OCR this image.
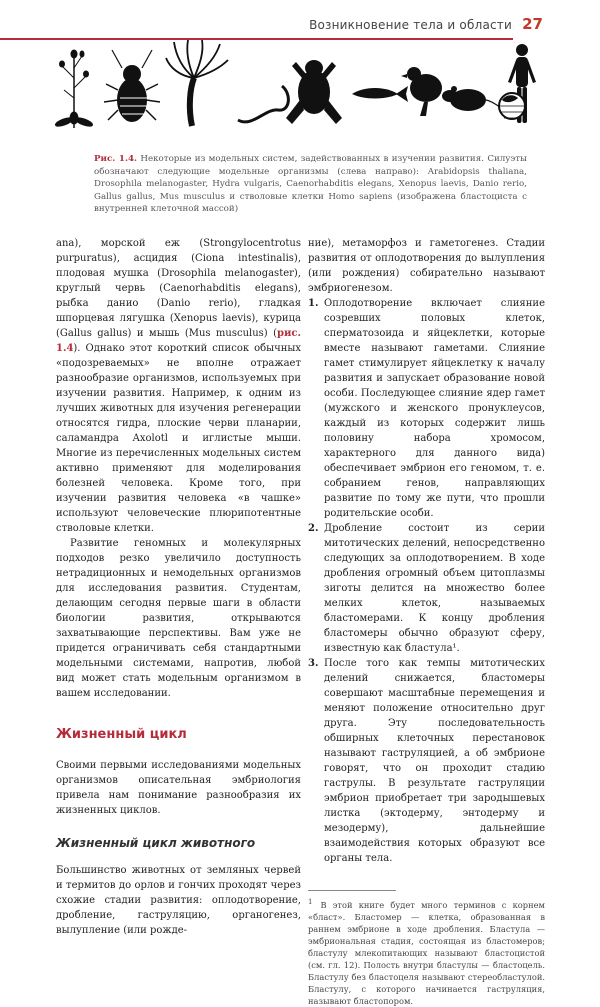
Возникновение тела и области 27
Рис. 1.4. Некоторые из модельных систем, задействованных в изучении развития. Силуэты обозначают следующие модельные организмы (слева направо): Arabidopsis thaliana, Drosophila melanogaster, Hydra vulgaris, Caenorhabditis elegans, Xenopus laevis, Danio rerio, Gallus gallus, Mus musculus и стволовые клетки Homo sapiens (изображена бластоциста с внутренней клеточной массой)

ana), морской еж (Strongylocentrotus purpuratus), асцидия (Ciona intestinalis), плодовая мушка (Drosophila melanogaster), круглый червь (Caenorhabditis elegans), рыбка данио (Danio rerio), гладкая шпорцевая лягушка (Xenopus laevis), курица (Gallus gallus) и мышь (Mus musculus) (рис. 1.4). Однако этот короткий список обычных «подозреваемых» не вполне отражает разнообразие организмов, используемых при изучении развития. Например, к одним из лучших животных для изучения регенерации относятся гидра, плоские черви планарии, саламандра Axolotl и иглистые мыши. Многие из перечисленных модельных систем активно применяют для моделирования болезней человека. Кроме того, при изучении развития человека «в чашке» используют человеческие плюрипотентные стволовые клетки.

Развитие геномных и молекулярных подходов резко увеличило доступность нетрадиционных и немодельных организмов для исследования развития. Студентам, делающим сегодня первые шаги в области биологии развития, открываются захватывающие перспективы. Вам уже не придется ограничивать себя стандартными модельными системами, напротив, любой вид может стать модельным организмом в вашем исследовании.

Жизненный цикл

Своими первыми исследованиями модельных организмов описательная эмбриология привела нам понимание разнообразия их жизненных циклов.

Жизненный цикл животного

Большинство животных от земляных червей и термитов до орлов и гончих проходят через схожие стадии развития: оплодотворение, дробление, гаструляцию, органогенез, вылупление (или рожде-

ние), метаморфоз и гаметогенез. Стадии развития от оплодотворения до вылупления (или рождения) собирательно называют эмбриогенезом.

1. Оплодотворение включает слияние созревших половых клеток, сперматозоида и яйцеклетки, которые вместе называют гаметами. Слияние гамет стимулирует яйцеклетку к началу развития и запускает образование новой особи. Последующее слияние ядер гамет (мужского и женского пронуклеусов, каждый из которых содержит лишь половину набора хромосом, характерного для данного вида) обеспечивает эмбрион его геномом, т. е. собранием генов, направляющих развитие по тому же пути, что прошли родительские особи.
2. Дробление состоит из серии митотических делений, непосредственно следующих за оплодотворением. В ходе дробления огромный объем цитоплазмы зиготы делится на множество более мелких клеток, называемых бластомерами. К концу дробления бластомеры обычно образуют сферу, известную как бластула¹.
3. После того как темпы митотических делений снижается, бластомеры совершают масштабные перемещения и меняют положение относительно друг друга. Эту последовательность обширных клеточных перестановок называют гаструляцией, а об эмбрионе говорят, что он проходит стадию гаструлы. В результате гаструляции эмбрион приобретает три зародышевых листка (эктодерму, энтодерму и мезодерму), дальнейшие взаимодействия которых образуют все органы тела.

$^1$ В этой книге будет много терминов с корнем «бласт». Бластомер — клетка, образованная в раннем эмбрионе в ходе дробления. Бластула — эмбриональная стадия, состоящая из бластомеров; бластулу млекопитающих называют бластоцистой (см. гл. 12). Полость внутри бластулы — бластоцель. Бластулу без бластоцеля называют стереобластулой. Бластулу, с которого начинается гаструляция, называют бластопором.
